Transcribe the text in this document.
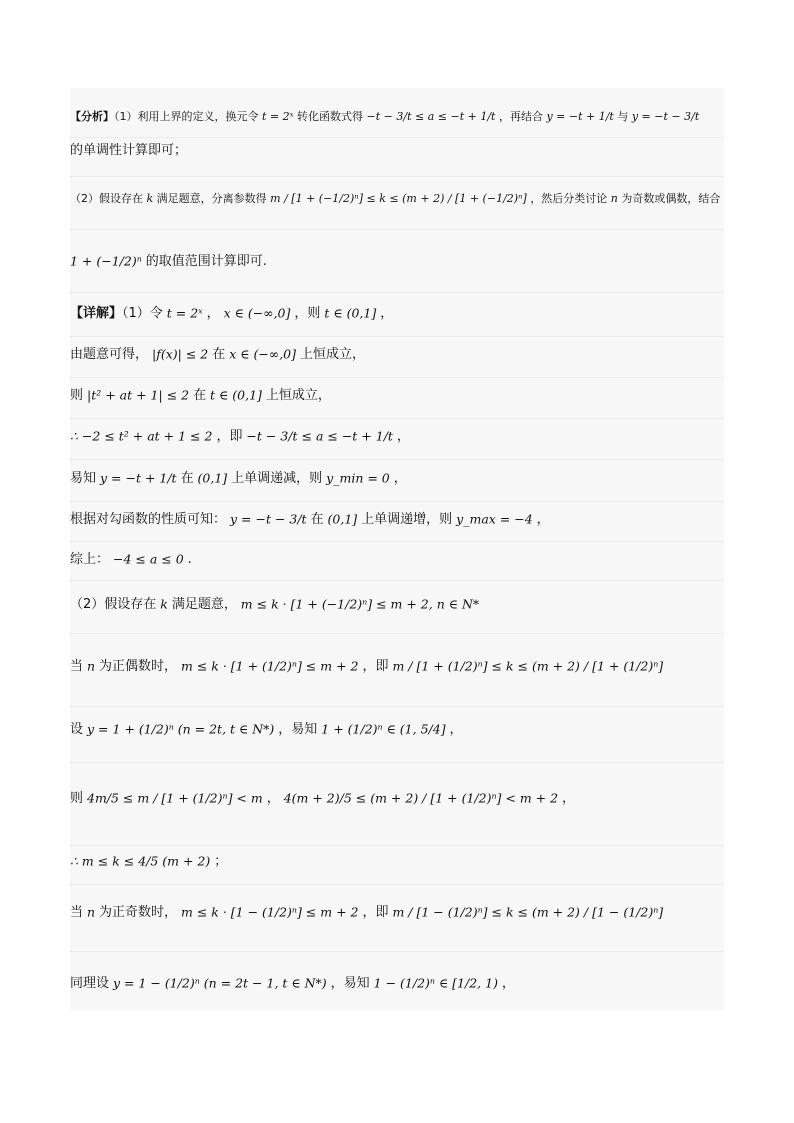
【分析】（1）利用上界的定义，换元令 t = 2ˣ 转化函数式得 −t − 3/t ≤ a ≤ −t + 1/t ，再结合 y = −t + 1/t 与 y = −t − 3/t
的单调性计算即可；
（2）假设存在 k 满足题意，分离参数得 m / [1 + (−1/2)ⁿ] ≤ k ≤ (m + 2) / [1 + (−1/2)ⁿ] ，然后分类讨论 n 为奇数或偶数，结合
1 + (−1/2)ⁿ 的取值范围计算即可.
【详解】（1）令 t = 2ˣ ， x ∈ (−∞,0] ，则 t ∈ (0,1] ，
由题意可得， |f(x)| ≤ 2 在 x ∈ (−∞,0] 上恒成立，
则 |t² + at + 1| ≤ 2 在 t ∈ (0,1] 上恒成立，
∴ −2 ≤ t² + at + 1 ≤ 2 ，即 −t − 3/t ≤ a ≤ −t + 1/t ，
易知 y = −t + 1/t 在 (0,1] 上单调递减，则 y_min = 0 ，
根据对勾函数的性质可知： y = −t − 3/t 在 (0,1] 上单调递增，则 y_max = −4 ，
综上： −4 ≤ a ≤ 0 .
（2）假设存在 k 满足题意， m ≤ k · [1 + (−1/2)ⁿ] ≤ m + 2, n ∈ N*
当 n 为正偶数时， m ≤ k · [1 + (1/2)ⁿ] ≤ m + 2 ，即 m / [1 + (1/2)ⁿ] ≤ k ≤ (m + 2) / [1 + (1/2)ⁿ]
设 y = 1 + (1/2)ⁿ (n = 2t, t ∈ N*) ，易知 1 + (1/2)ⁿ ∈ (1, 5/4] ，
则 4m/5 ≤ m / [1 + (1/2)ⁿ] < m ， 4(m + 2)/5 ≤ (m + 2) / [1 + (1/2)ⁿ] < m + 2 ，
∴ m ≤ k ≤ 4/5 (m + 2) ；
当 n 为正奇数时， m ≤ k · [1 − (1/2)ⁿ] ≤ m + 2 ，即 m / [1 − (1/2)ⁿ] ≤ k ≤ (m + 2) / [1 − (1/2)ⁿ]
同理设 y = 1 − (1/2)ⁿ (n = 2t − 1, t ∈ N*) ，易知 1 − (1/2)ⁿ ∈ [1/2, 1) ，
